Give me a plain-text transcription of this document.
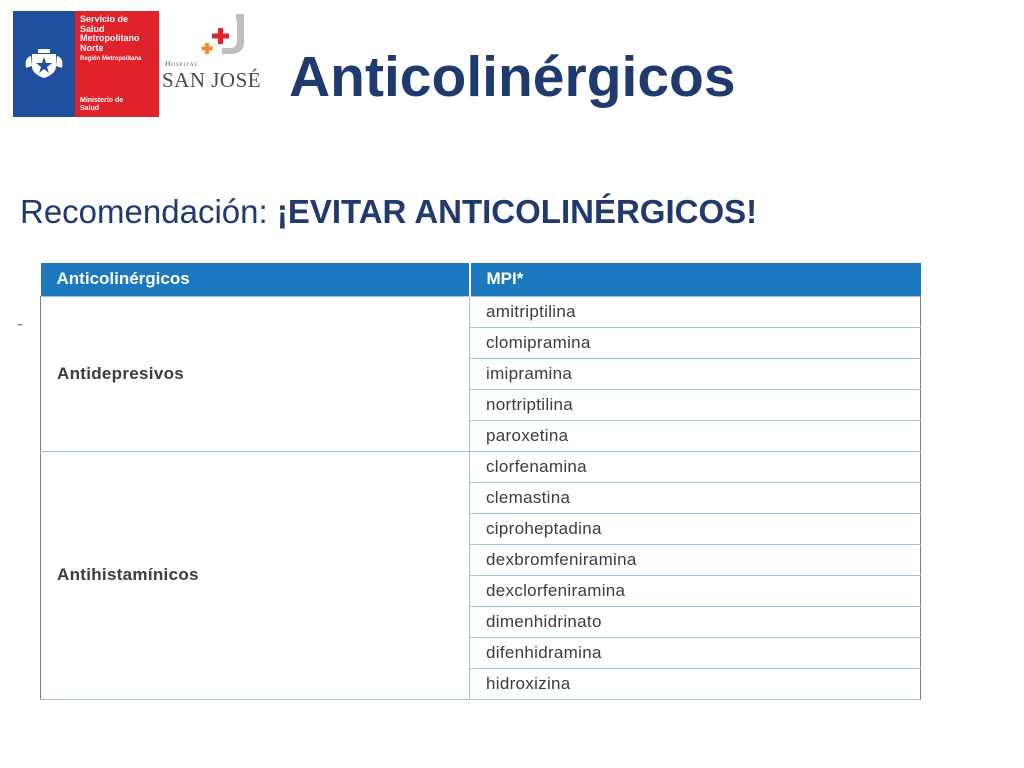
Servicio de
Salud
Metropolitano
Norte
Región Metropolitana
Ministerio de
Salud
Hospital
SAN JOSÉ Anticolinérgicos
Recomendación: ¡EVITAR ANTICOLINÉRGICOS!
-
Anticolinérgicos	MPI*
Antidepresivos	amitriptilina
	clomipramina
	imipramina
	nortriptilina
	paroxetina
Antihistamínicos	clorfenamina
	clemastina
	ciproheptadina
	dexbromfeniramina
	dexclorfeniramina
	dimenhidrinato
	difenhidramina
	hidroxizina
